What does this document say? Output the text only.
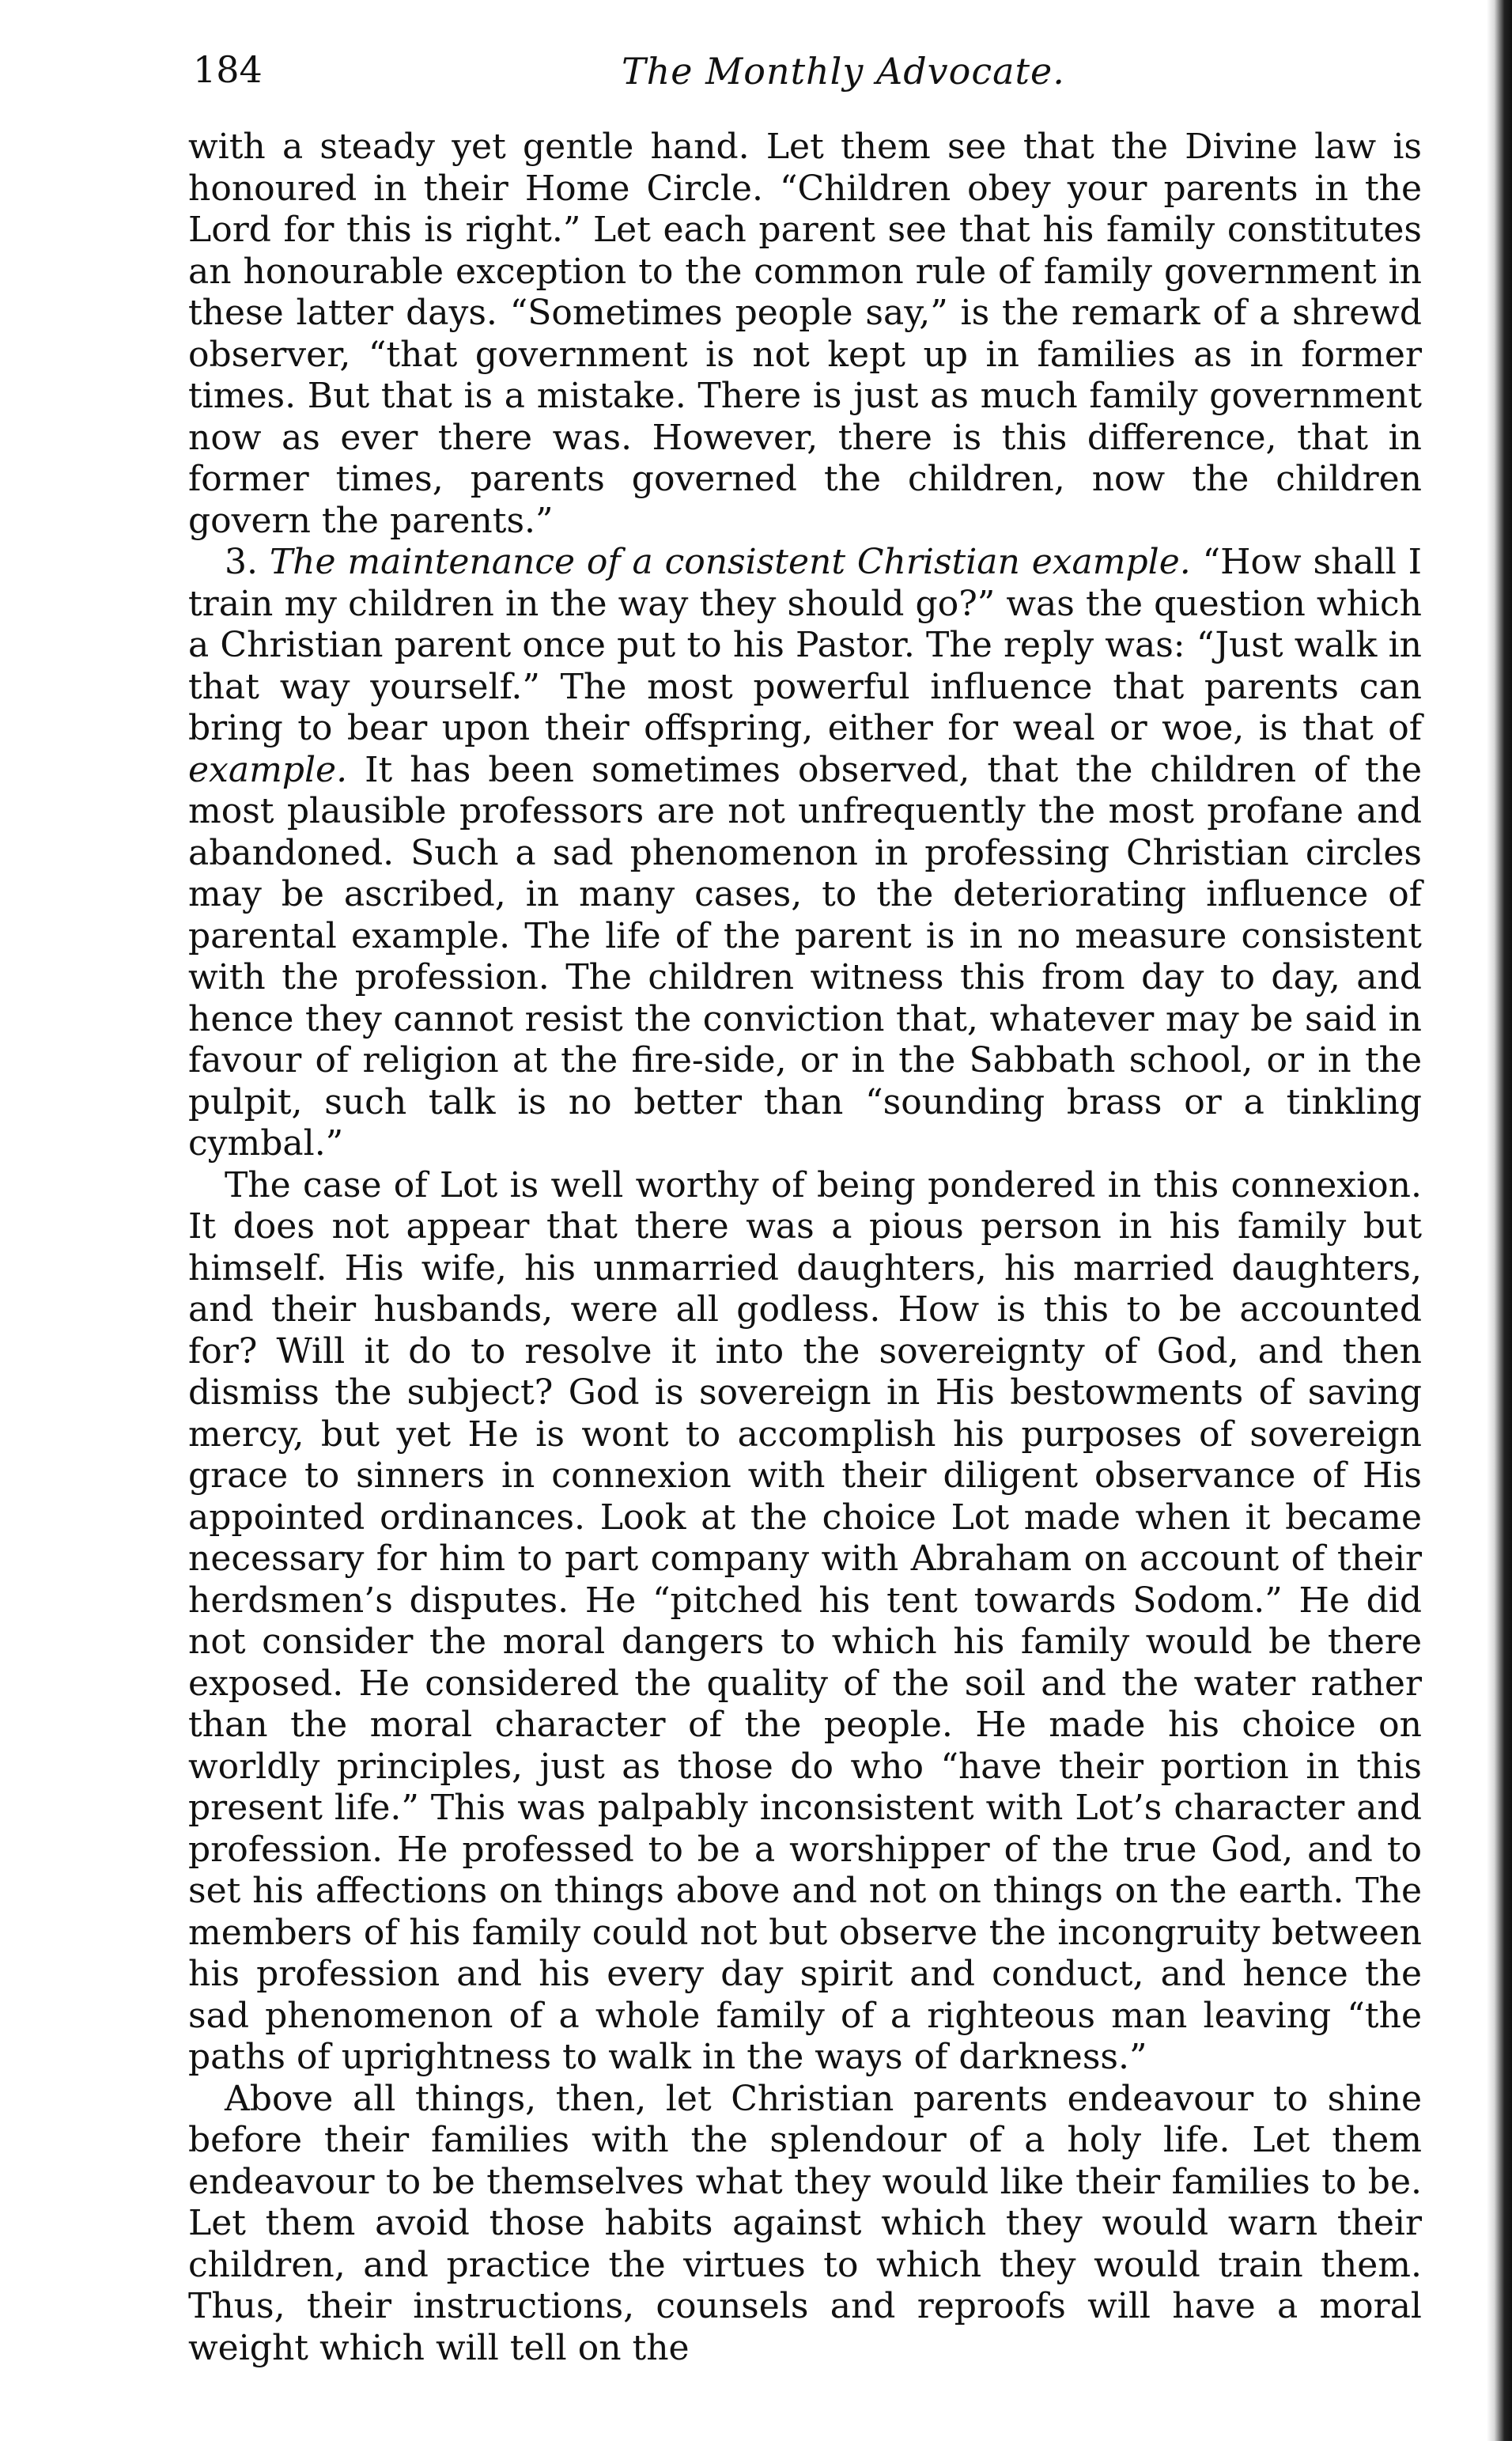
184	The Monthly Advocate.

with a steady yet gentle hand. Let them see that the Divine law is honoured in their Home Circle. “Children obey your parents in the Lord for this is right.” Let each parent see that his family constitutes an honourable exception to the common rule of family government in these latter days. “Sometimes people say,” is the remark of a shrewd observer, “that government is not kept up in families as in former times. But that is a mistake. There is just as much family government now as ever there was. However, there is this difference, that in former times, parents governed the children, now the children govern the parents.”

3. The maintenance of a consistent Christian example. “How shall I train my children in the way they should go?” was the question which a Christian parent once put to his Pastor. The reply was: “Just walk in that way yourself.” The most powerful influence that parents can bring to bear upon their offspring, either for weal or woe, is that of example. It has been sometimes observed, that the children of the most plausible professors are not unfrequently the most profane and abandoned. Such a sad phenomenon in professing Christian circles may be ascribed, in many cases, to the deteriorating influence of parental example. The life of the parent is in no measure consistent with the profession. The children witness this from day to day, and hence they cannot resist the conviction that, whatever may be said in favour of religion at the fire-side, or in the Sabbath school, or in the pulpit, such talk is no better than “sounding brass or a tinkling cymbal.”

The case of Lot is well worthy of being pondered in this connexion. It does not appear that there was a pious person in his family but himself. His wife, his unmarried daughters, his married daughters, and their husbands, were all godless. How is this to be accounted for? Will it do to resolve it into the sovereignty of God, and then dismiss the subject? God is sovereign in His bestowments of saving mercy, but yet He is wont to accomplish his purposes of sovereign grace to sinners in connexion with their diligent observance of His appointed ordinances. Look at the choice Lot made when it became necessary for him to part company with Abraham on account of their herdsmen’s disputes. He “pitched his tent towards Sodom.” He did not consider the moral dangers to which his family would be there exposed. He considered the quality of the soil and the water rather than the moral character of the people. He made his choice on worldly principles, just as those do who “have their portion in this present life.” This was palpably inconsistent with Lot’s character and profession. He professed to be a worshipper of the true God, and to set his affections on things above and not on things on the earth. The members of his family could not but observe the incongruity between his profession and his every day spirit and conduct, and hence the sad phenomenon of a whole family of a righteous man leaving “the paths of uprightness to walk in the ways of darkness.”

Above all things, then, let Christian parents endeavour to shine before their families with the splendour of a holy life. Let them endeavour to be themselves what they would like their families to be. Let them avoid those habits against which they would warn their children, and practice the virtues to which they would train them. Thus, their instructions, counsels and reproofs will have a moral weight which will tell on the
